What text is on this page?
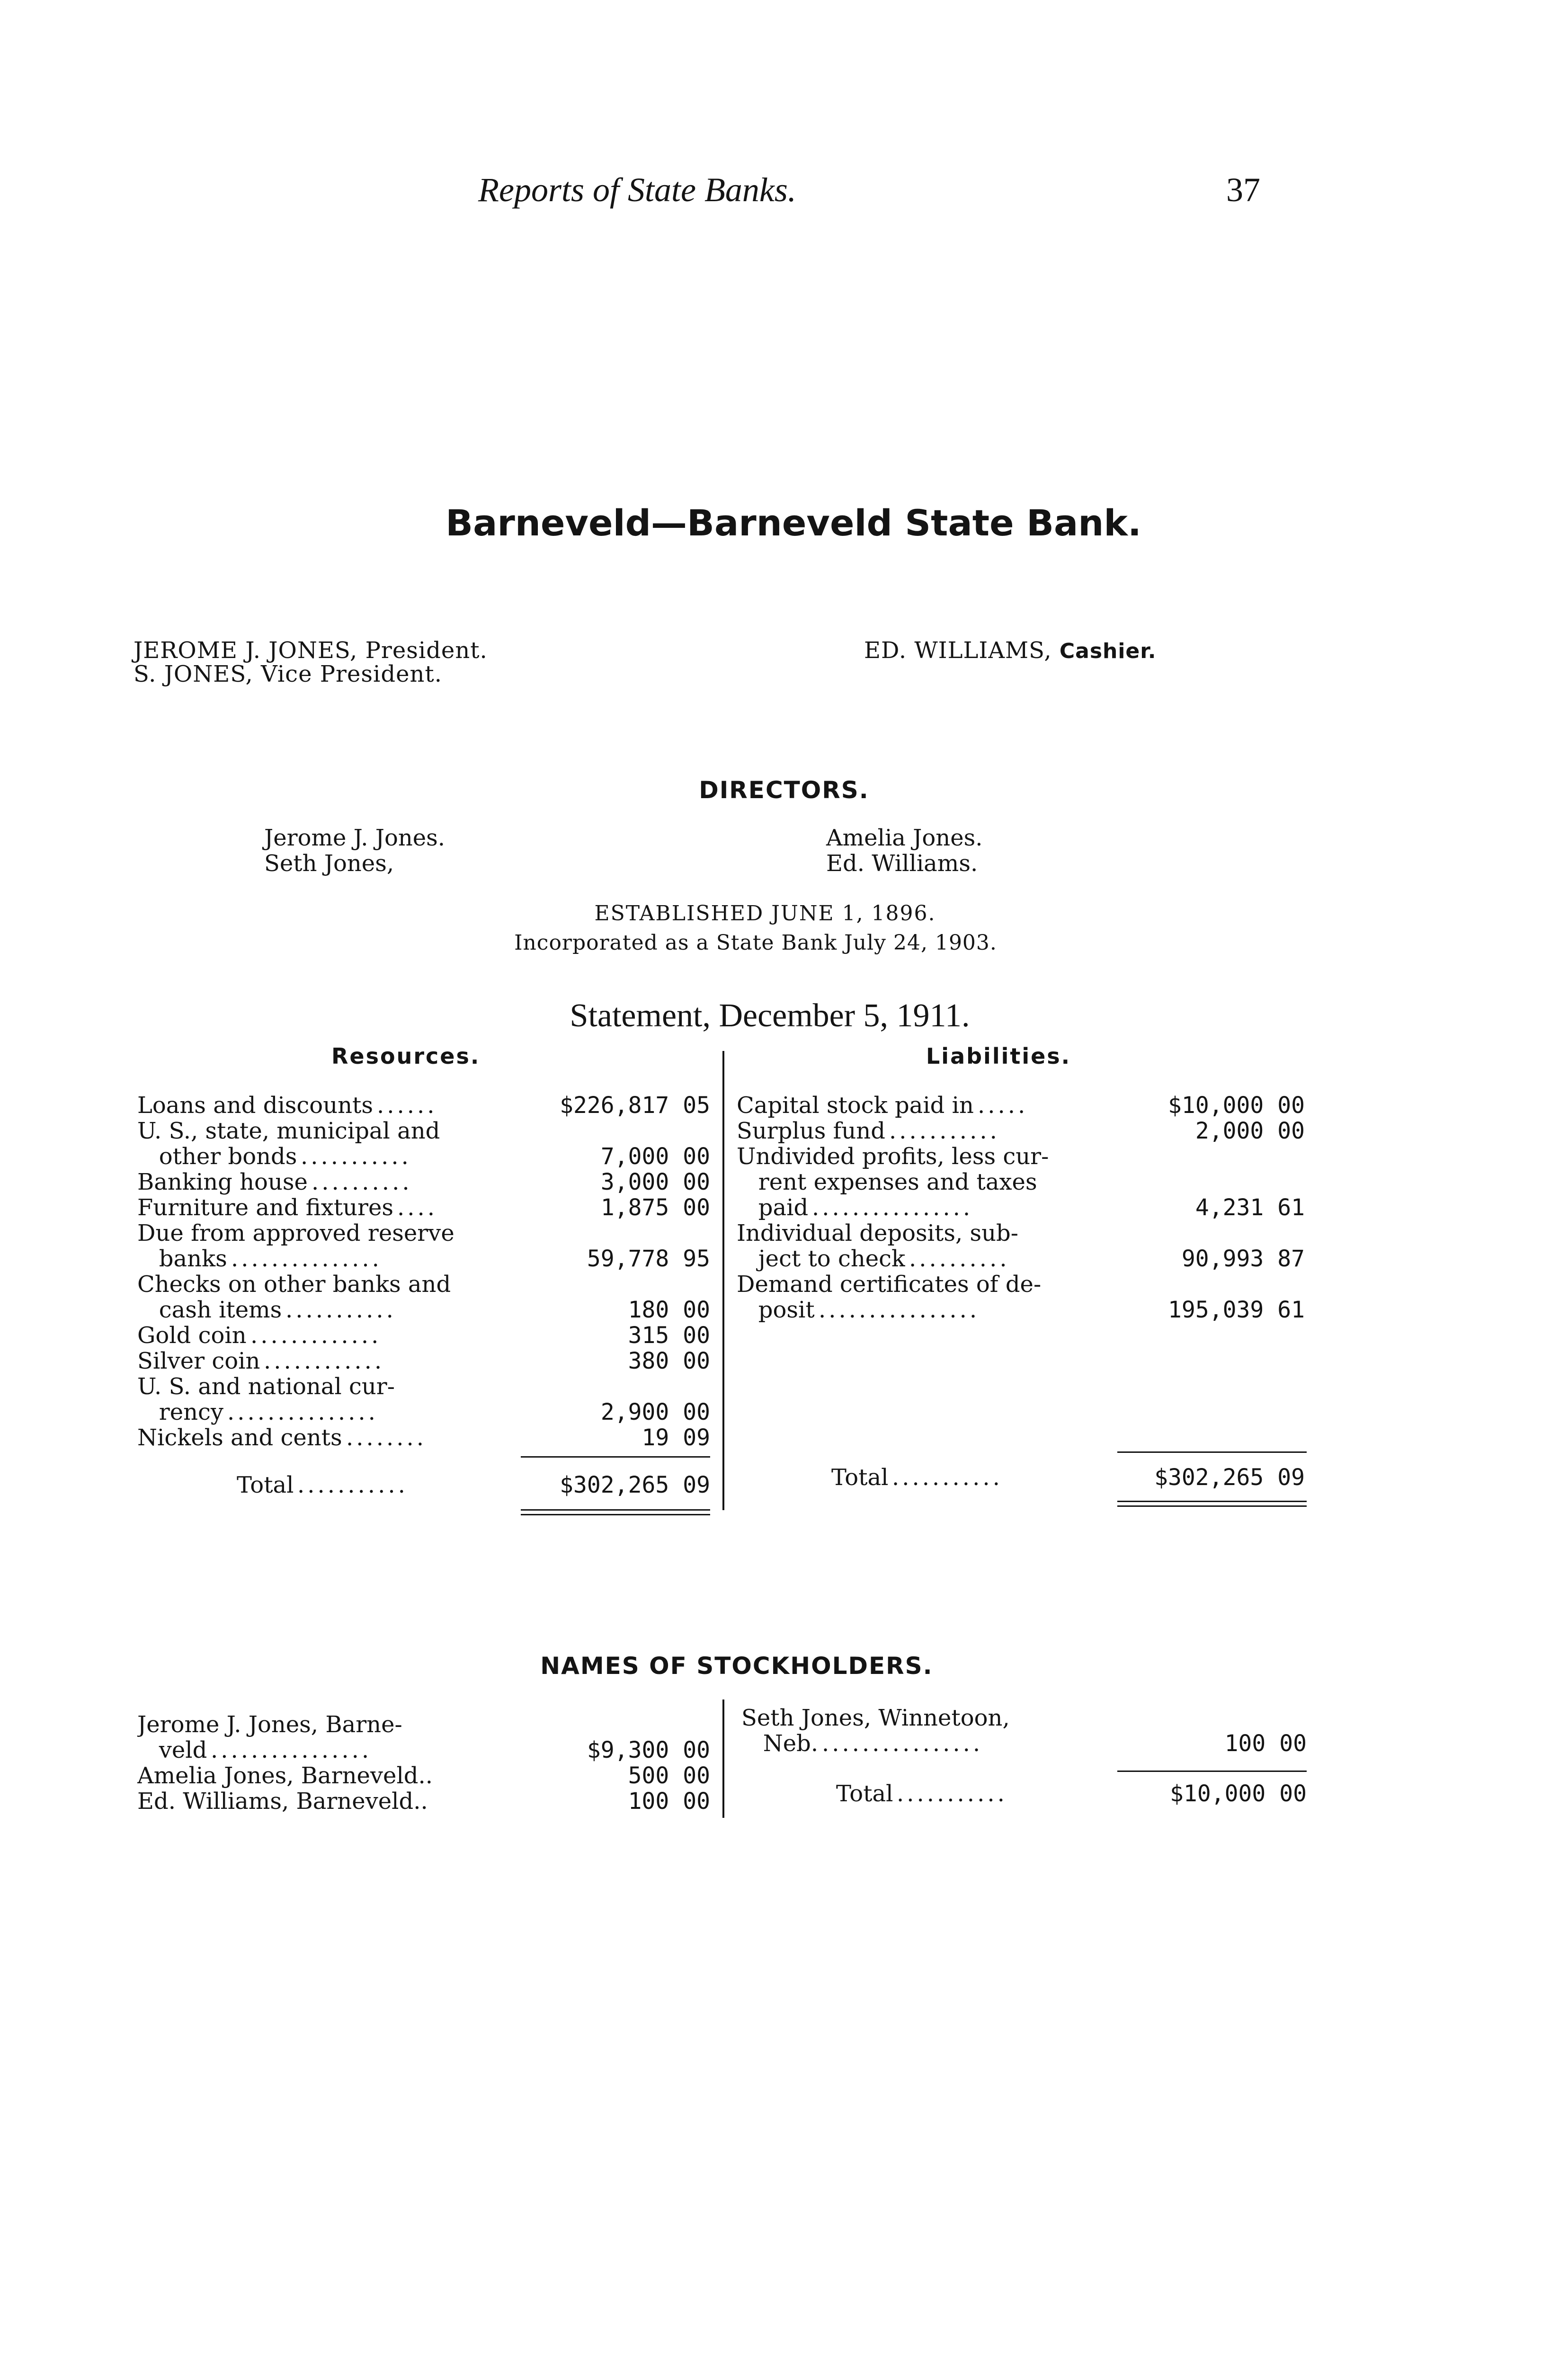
Reports of State Banks.	37
Barneveld—Barneveld State Bank.
JEROME J. JONES, President.
S. JONES, Vice President.
ED. WILLIAMS, Cashier.
DIRECTORS.
Jerome J. Jones.
Seth Jones,
Amelia Jones.
Ed. Williams.
ESTABLISHED JUNE 1, 1896.
Incorporated as a State Bank July 24, 1903.
Statement, December 5, 1911.
Resources.	Liabilities.
Loans and discounts ......	$226,817 05
U. S., state, municipal and
other bonds ...........	7,000 00
Banking house ..........	3,000 00
Furniture and fixtures ....	1,875 00
Due from approved reserve
banks ...............	59,778 95
Checks on other banks and
cash items ...........	180 00
Gold coin .............	315 00
Silver coin ............	380 00
U. S. and national cur-
rency ...............	2,900 00
Nickels and cents ........	19 09
Total ...........	$302,265 09
Capital stock paid in .....	$10,000 00
Surplus fund ...........	2,000 00
Undivided profits, less cur-
rent expenses and taxes
paid ................	4,231 61
Individual deposits, sub-
ject to check ..........	90,993 87
Demand certificates of de-
posit ................	195,039 61
Total ...........	$302,265 09
NAMES OF STOCKHOLDERS.
Jerome J. Jones, Barne-
veld ................	$9,300 00
Amelia Jones, Barneveld..	500 00
Ed. Williams, Barneveld..	100 00
Seth Jones, Winnetoon,
Neb. ................	100 00
Total ...........	$10,000 00
